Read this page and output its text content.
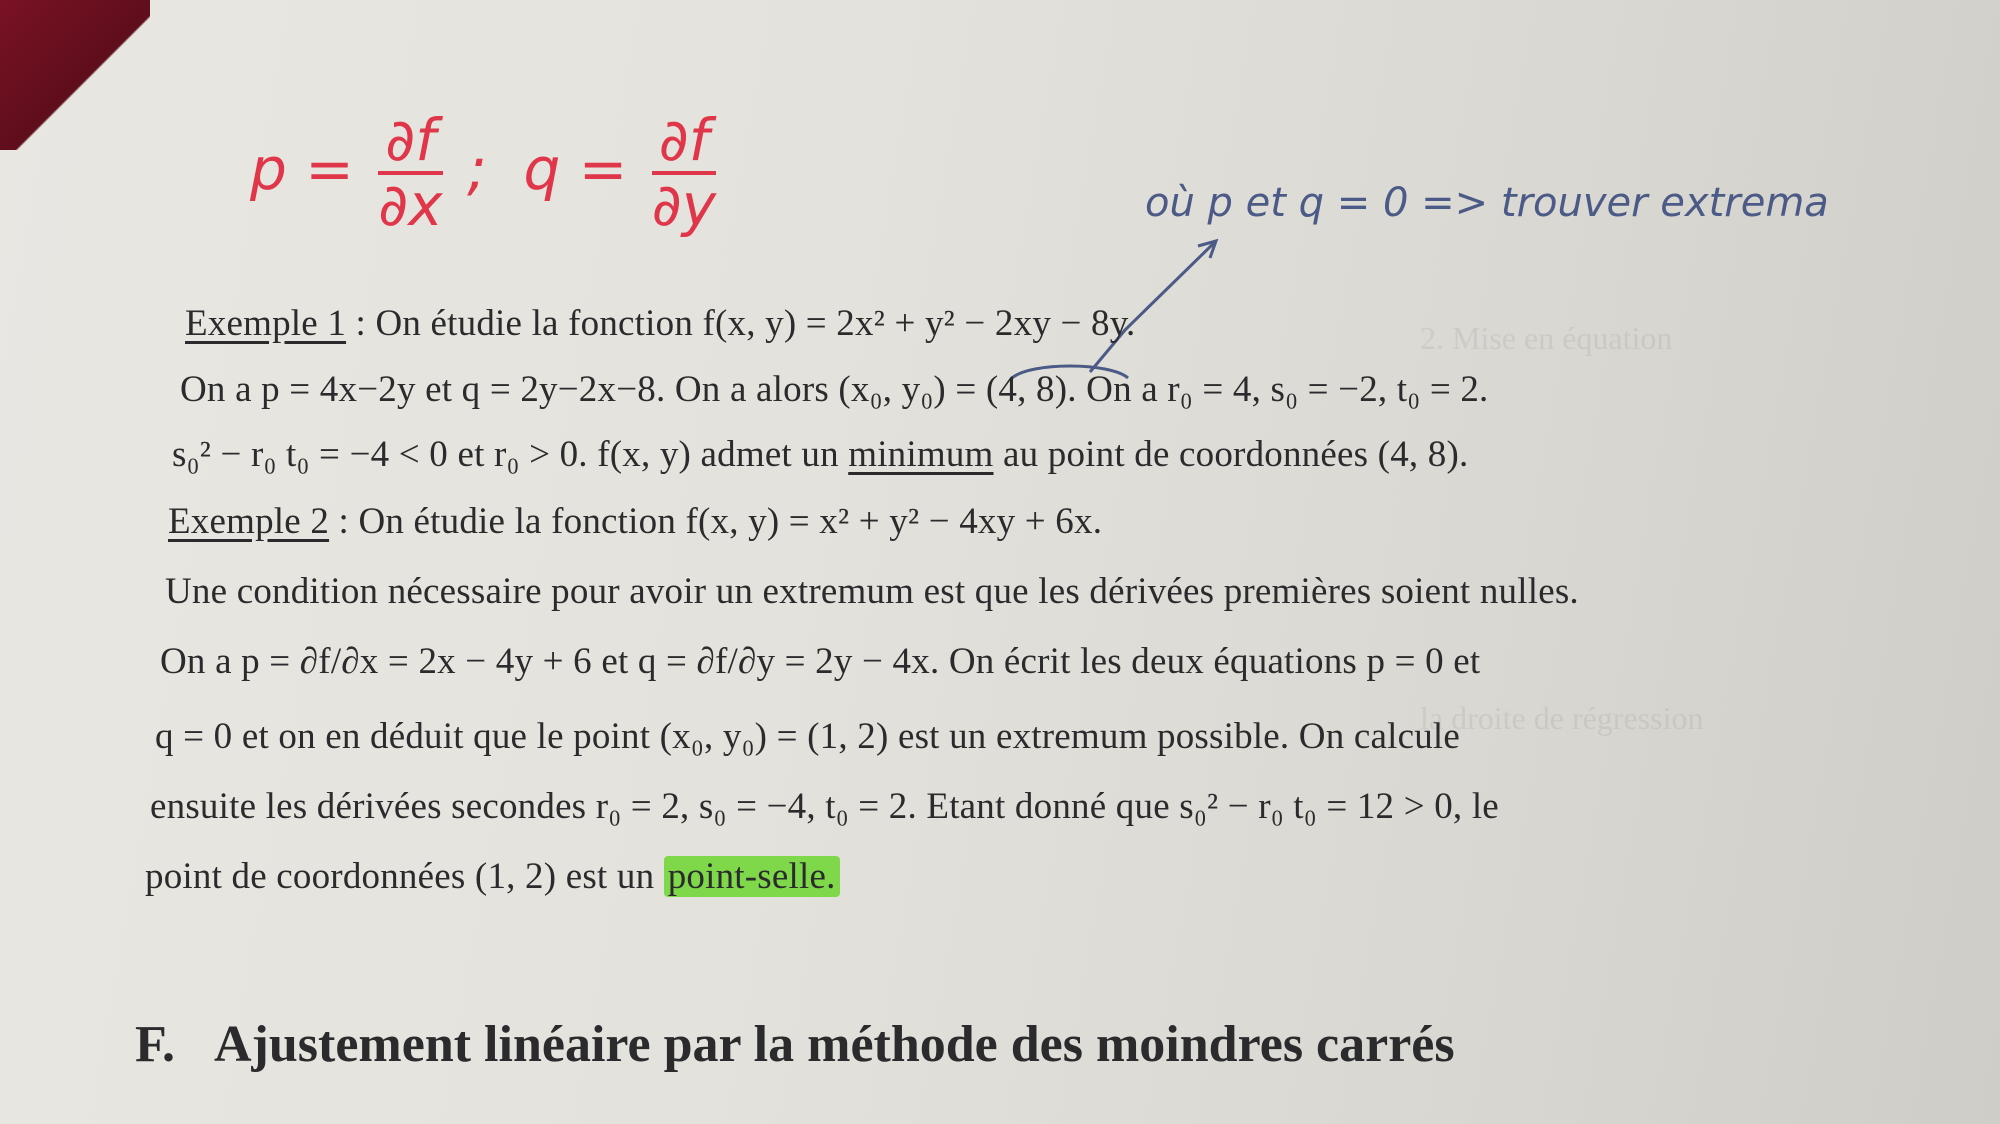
2. Mise en équation
la droite de régression
$p = \frac{\partial f}{\partial x}$ ;  $q = \frac{\partial f}{\partial y}$	où p et q = 0 => trouver extrema
Exemple 1 : On étudie la fonction f(x, y) = 2x² + y² − 2xy − 8y.
On a p = 4x−2y et q = 2y−2x−8. On a alors (x₀, y₀) = (4, 8). On a r₀ = 4, s₀ = −2, t₀ = 2.
s₀² − r₀ t₀ = −4 < 0 et r₀ > 0. f(x, y) admet un minimum au point de coordonnées (4, 8).
Exemple 2 : On étudie la fonction f(x, y) = x² + y² − 4xy + 6x.
Une condition nécessaire pour avoir un extremum est que les dérivées premières soient nulles.
On a p = ∂f/∂x = 2x − 4y + 6 et q = ∂f/∂y = 2y − 4x. On écrit les deux équations p = 0 et
q = 0 et on en déduit que le point (x₀, y₀) = (1, 2) est un extremum possible. On calcule
ensuite les dérivées secondes r₀ = 2, s₀ = −4, t₀ = 2. Etant donné que s₀² − r₀ t₀ = 12 > 0, le
point de coordonnées (1, 2) est un point-selle.
F. Ajustement linéaire par la méthode des moindres carrés
